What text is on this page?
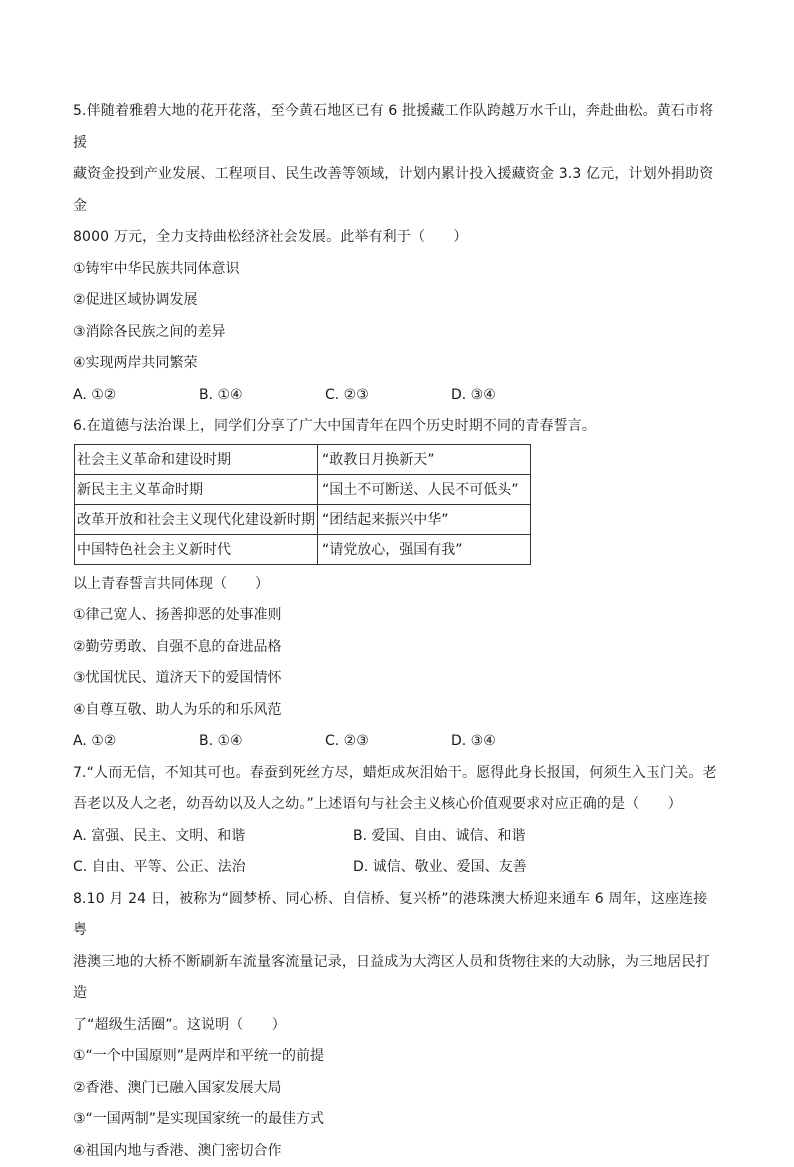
5.伴随着雅碧大地的花开花落，至今黄石地区已有 6 批援藏工作队跨越万水千山，奔赴曲松。黄石市将援
藏资金投到产业发展、工程项目、民生改善等领域，计划内累计投入援藏资金 3.3 亿元，计划外捐助资金
8000 万元，全力支持曲松经济社会发展。此举有利于（　　）
①铸牢中华民族共同体意识
②促进区域协调发展
③消除各民族之间的差异
④实现两岸共同繁荣
A. ①②	B. ①④	C. ②③	D. ③④
6.在道德与法治课上，同学们分享了广大中国青年在四个历史时期不同的青春誓言。
社会主义革命和建设时期	“敢教日月换新天”
新民主主义革命时期	“国土不可断送、人民不可低头”
改革开放和社会主义现代化建设新时期	“团结起来振兴中华”
中国特色社会主义新时代	“请党放心，强国有我”
以上青春誓言共同体现（　　）
①律己宽人、扬善抑恶的处事准则
②勤劳勇敢、自强不息的奋进品格
③忧国忧民、道济天下的爱国情怀
④自尊互敬、助人为乐的和乐风范
A. ①②	B. ①④	C. ②③	D. ③④
7.“人而无信，不知其可也。春蚕到死丝方尽，蜡炬成灰泪始干。愿得此身长报国，何须生入玉门关。老
吾老以及人之老，幼吾幼以及人之幼。”上述语句与社会主义核心价值观要求对应正确的是（　　）
A. 富强、民主、文明、和谐	B. 爱国、自由、诚信、和谐
C. 自由、平等、公正、法治	D. 诚信、敬业、爱国、友善
8.10 月 24 日，被称为“圆梦桥、同心桥、自信桥、复兴桥”的港珠澳大桥迎来通车 6 周年，这座连接粤
港澳三地的大桥不断刷新车流量客流量记录，日益成为大湾区人员和货物往来的大动脉，为三地居民打造
了“超级生活圈”。这说明（　　）
①“一个中国原则”是两岸和平统一的前提
②香港、澳门已融入国家发展大局
③“一国两制”是实现国家统一的最佳方式
④祖国内地与香港、澳门密切合作
